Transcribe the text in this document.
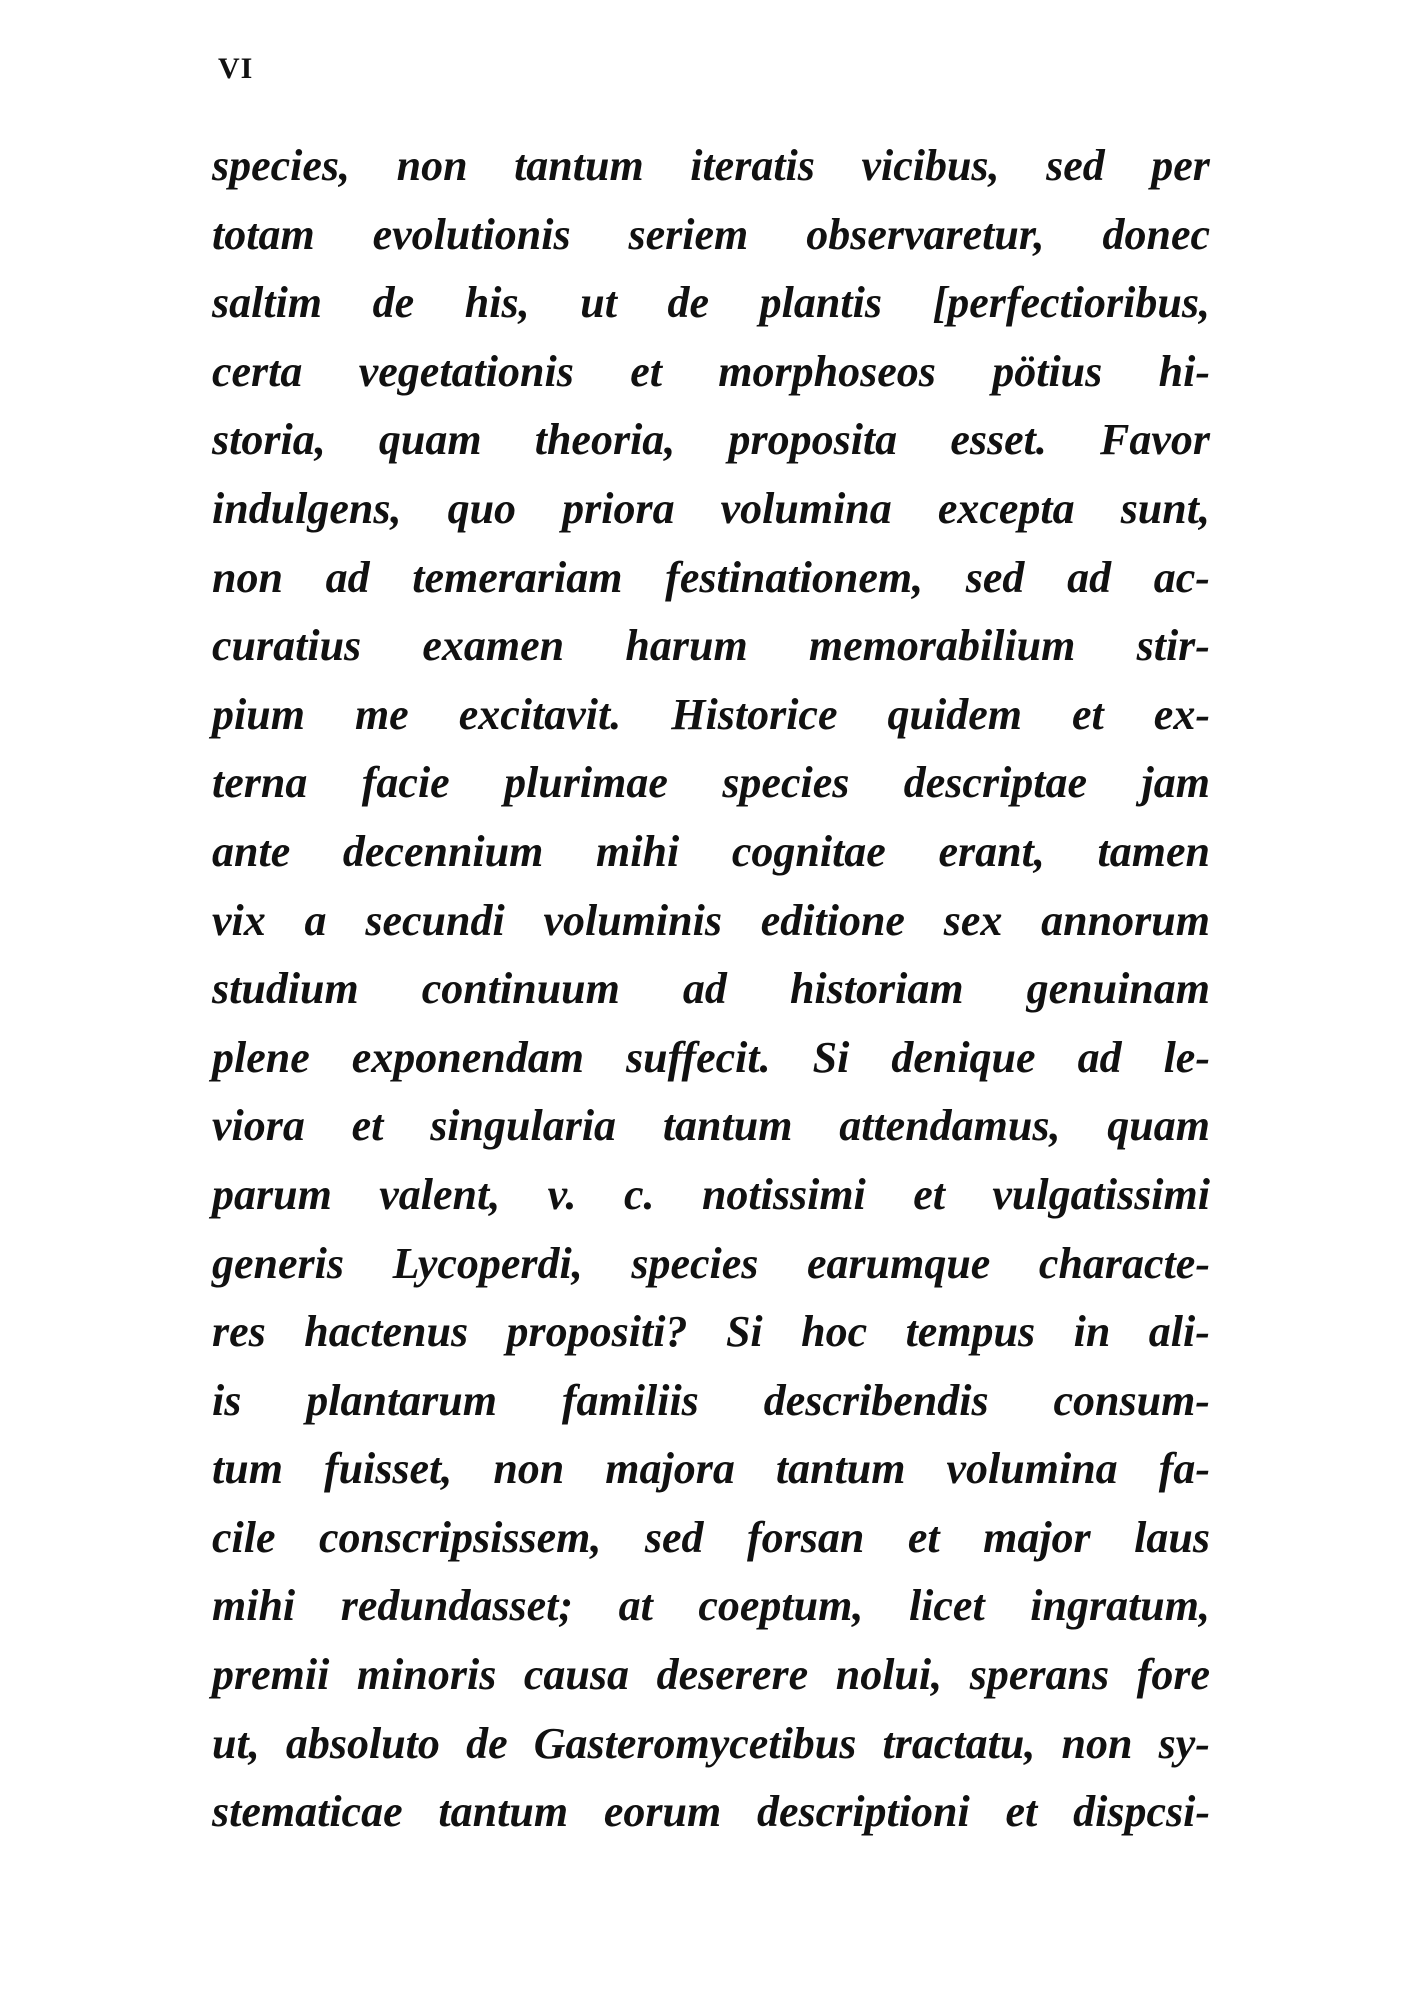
VI
species, non tantum iteratis vicibus, sed per
totam evolutionis seriem observaretur, donec
saltim de his, ut de plantis [perfectioribus,
certa vegetationis et morphoseos pötius hi-
storia, quam theoria, proposita esset. Favor
indulgens, quo priora volumina excepta sunt,
non ad temerariam festinationem, sed ad ac-
curatius examen harum memorabilium stir-
pium me excitavit. Historice quidem et ex-
terna facie plurimae species descriptae jam
ante decennium mihi cognitae erant, tamen
vix a secundi voluminis editione sex annorum
studium continuum ad historiam genuinam
plene exponendam suffecit. Si denique ad le-
viora et singularia tantum attendamus, quam
parum valent, v. c. notissimi et vulgatissimi
generis Lycoperdi, species earumque characte-
res hactenus propositi? Si hoc tempus in ali-
is plantarum familiis describendis consum-
tum fuisset, non majora tantum volumina fa-
cile conscripsissem, sed forsan et major laus
mihi redundasset; at coeptum, licet ingratum,
premii minoris causa deserere nolui, sperans fore
ut, absoluto de Gasteromycetibus tractatu, non sy-
stematicae tantum eorum descriptioni et dispcsi-
